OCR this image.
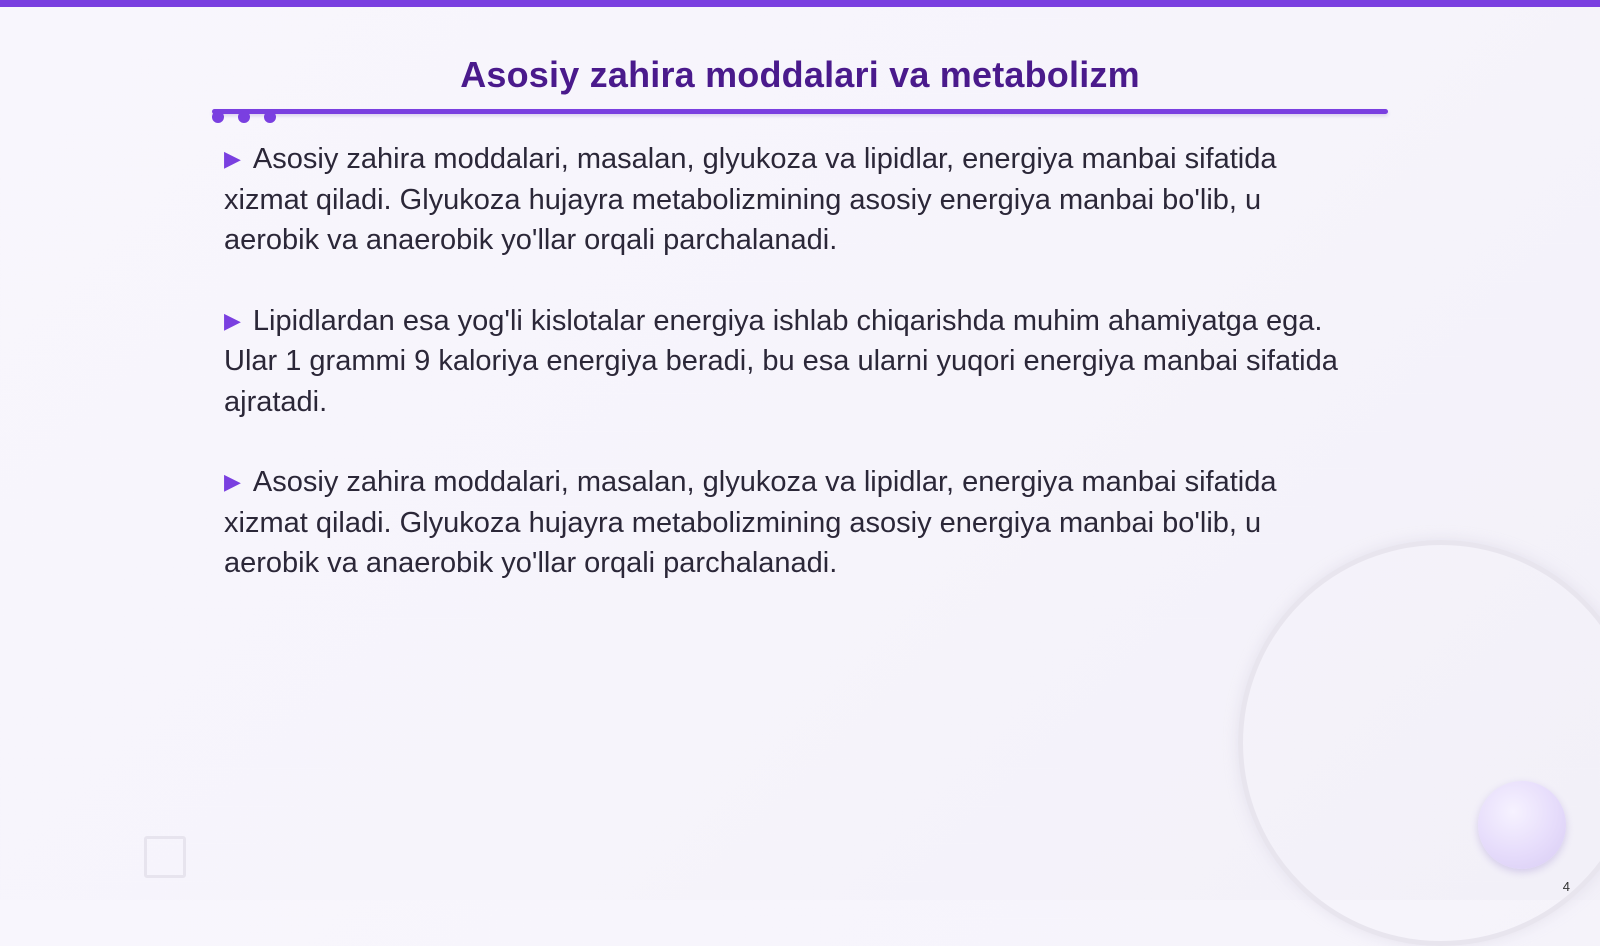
Asosiy zahira moddalari va metabolizm

▶ Asosiy zahira moddalari, masalan, glyukoza va lipidlar, energiya manbai sifatida xizmat qiladi. Glyukoza hujayra metabolizmining asosiy energiya manbai bo'lib, u aerobik va anaerobik yo'llar orqali parchalanadi.

▶ Lipidlardan esa yog'li kislotalar energiya ishlab chiqarishda muhim ahamiyatga ega. Ular 1 grammi 9 kaloriya energiya beradi, bu esa ularni yuqori energiya manbai sifatida ajratadi.

▶ Asosiy zahira moddalari, masalan, glyukoza va lipidlar, energiya manbai sifatida xizmat qiladi. Glyukoza hujayra metabolizmining asosiy energiya manbai bo'lib, u aerobik va anaerobik yo'llar orqali parchalanadi.

4
